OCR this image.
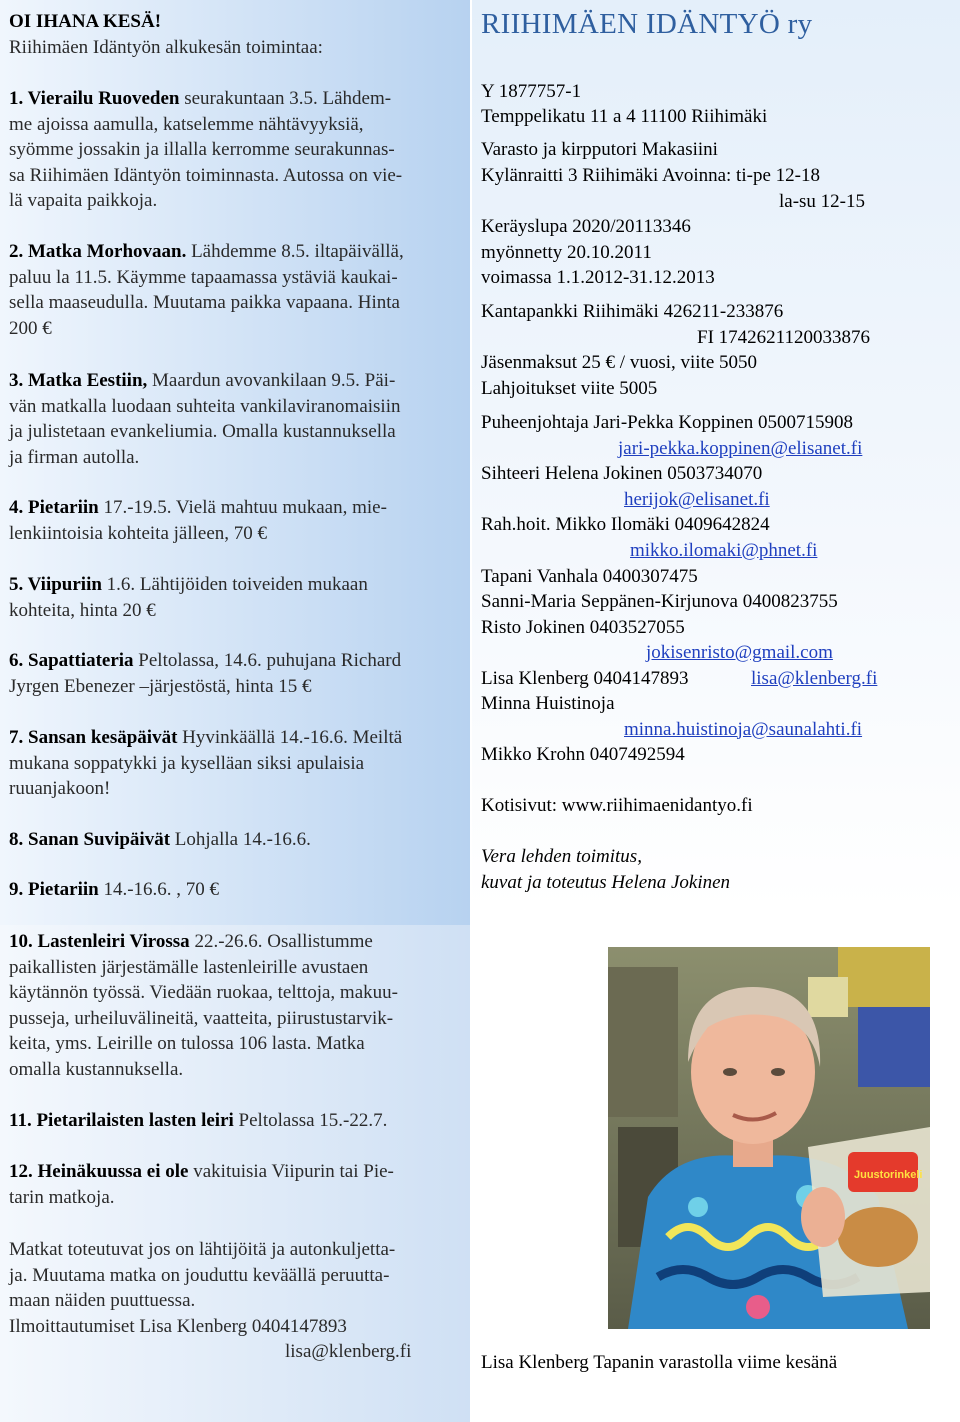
OI IHANA KESÄ!
Riihimäen Idäntyön alkukesän toimintaa:
1. Vierailu Ruoveden seurakuntaan 3.5. Lähdem-
me ajoissa aamulla, katselemme nähtävyyksiä,
syömme jossakin ja illalla kerromme seurakunnas-
sa Riihimäen Idäntyön toiminnasta. Autossa on vie-
lä vapaita paikkoja.
2. Matka Morhovaan. Lähdemme 8.5. iltapäivällä,
paluu la 11.5. Käymme tapaamassa ystäviä kaukai-
sella maaseudulla. Muutama paikka vapaana. Hinta
200 €
3. Matka Eestiin, Maardun avovankilaan 9.5. Päi-
vän matkalla luodaan suhteita vankilaviranomaisiin
ja julistetaan evankeliumia. Omalla kustannuksella
ja firman autolla.
4. Pietariin 17.-19.5. Vielä mahtuu mukaan, mie-
lenkiintoisia kohteita jälleen, 70 €
5. Viipuriin 1.6. Lähtijöiden toiveiden mukaan
kohteita, hinta 20 €
6. Sapattiateria Peltolassa, 14.6. puhujana Richard
Jyrgen Ebenezer –järjestöstä, hinta 15 €
7. Sansan kesäpäivät Hyvinkäällä 14.-16.6. Meiltä
mukana soppatykki ja kyselläan siksi apulaisia
ruuanjakoon!
8. Sanan Suvipäivät Lohjalla 14.-16.6.
9. Pietariin 14.-16.6. , 70 €
10. Lastenleiri Virossa 22.-26.6. Osallistumme
paikallisten järjestämälle lastenleirille avustaen
käytännön työssä. Viedään ruokaa, telttoja, makuu-
pusseja, urheiluvälineitä, vaatteita, piirustustarvik-
keita, yms. Leirille on tulossa 106 lasta. Matka
omalla kustannuksella.
11. Pietarilaisten lasten leiri Peltolassa 15.-22.7.
12. Heinäkuussa ei ole vakituisia Viipurin tai Pie-
tarin matkoja.
Matkat toteutuvat jos on lähtijöitä ja autonkuljetta-
ja. Muutama matka on jouduttu keväällä peruutta-
maan näiden puuttuessa.
Ilmoittautumiset Lisa Klenberg 0404147893
lisa@klenberg.fi
RIIHIMÄEN IDÄNTYÖ ry
Y 1877757-1
Temppelikatu 11 a 4 11100 Riihimäki
Varasto ja kirpputori Makasiini
Kylänraitti 3 Riihimäki Avoinna: ti-pe 12-18
la-su 12-15
Keräyslupa 2020/20113346
myönnetty 20.10.2011
voimassa 1.1.2012-31.12.2013
Kantapankki Riihimäki 426211-233876
FI 1742621120033876
Jäsenmaksut 25 € / vuosi, viite 5050
Lahjoitukset viite 5005
Puheenjohtaja Jari-Pekka Koppinen 0500715908
jari-pekka.koppinen@elisanet.fi
Sihteeri Helena Jokinen 0503734070
herijok@elisanet.fi
Rah.hoit. Mikko Ilomäki 0409642824
mikko.ilomaki@phnet.fi
Tapani Vanhala 0400307475
Sanni-Maria Seppänen-Kirjunova 0400823755
Risto Jokinen 0403527055
jokisenristo@gmail.com
Lisa Klenberg 0404147893	lisa@klenberg.fi
Minna Huistinoja
minna.huistinoja@saunalahti.fi
Mikko Krohn 0407492594
Kotisivut: www.riihimaenidantyo.fi
Vera lehden toimitus,
kuvat ja toteutus Helena Jokinen
Juustorinkeli
Lisa Klenberg Tapanin varastolla viime kesänä
